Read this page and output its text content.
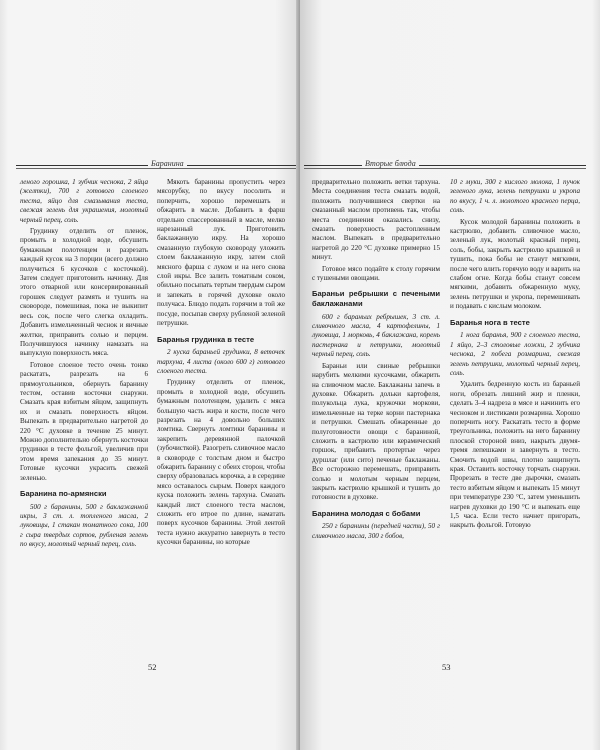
Баранина

леного горошка, 1 зубчик чеснока, 2 яйца (желтки), 700 г готового слоеного теста, яйцо для смазывания теста, свежая зелень для украшения, молотый черный перец, соль.

Грудинку отделить от пленок, промыть в холодной воде, обсушить бумажным полотенцем и разрезать каждый кусок на 3 порции (всего должно получиться 6 кусочков с косточкой). Затем следует приготовить начинку. Для этого отварной или консервированный горошек следует размять и тушить на сковороде, помешивая, пока не выкипит весь сок, после чего слегка охладить. Добавить измельченный чеснок и яичные желтки, приправить солью и перцем. Получившуюся начинку намазать на выпуклую поверхность мяса.

Готовое слоеное тесто очень тонко раскатать, разрезать на 6 прямоугольников, обернуть баранину тестом, оставив косточки снаружи. Смазать края взбитым яйцом, защипнуть их и смазать поверхность яйцом. Выпекать в предварительно нагретой до 220 °С духовке в течение 25 минут. Можно дополнительно обернуть косточки грудинки в тесте фольгой, увеличив при этом время запекания до 35 минут. Готовые кусочки украсить свежей зеленью.

Баранина по-армянски

500 г баранины, 500 г баклажанной икры, 3 ст. л. топленого масла, 2 луковицы, 1 стакан томатного сока, 100 г сыра твердых сортов, рубленая зелень по вкусу, молотый черный перец, соль.

Мякоть баранины пропустить через мясорубку, по вкусу посолить и поперчить, хорошо перемешать и обжарить в масле. Добавить в фарш отдельно спассерованный в масле, мелко нарезанный лук. Приготовить баклажанную икру. На хорошо смазанную глубокую сковороду уложить слоем баклажанную икру, затем слой мясного фарша с луком и на него снова слой икры. Все залить томатным соком, обильно посыпать тертым твердым сыром и запекать в горячей духовке около получаса. Блюдо подать горячим в той же посуде, посыпав сверху рубленой зеленой петрушки.

Баранья грудинка в тесте

2 куска бараньей грудинки, 8 веточек тархуна, 4 листа (около 600 г) готового слоеного теста.

Грудинку отделить от пленок, промыть в холодной воде, обсушить бумажным полотенцем, удалить с мяса большую часть жира и кости, после чего разрезать на 4 довольно больших ломтика. Свернуть ломтики баранины и закрепить деревянной палочкой (зубочисткой). Разогреть сливочное масло в сковороде с толстым дном и быстро обжарить баранину с обеих сторон, чтобы сверху образовалась корочка, а в середине мясо оставалось сырым. Поверх каждого куска положить зелень тархуна. Смазать каждый лист слоеного теста маслом, сложить его втрое по длине, наматать поверх кусочков баранины. Этой лентой теста нужно аккуратно завернуть в тесто кусочки баранины, но которые

52
Вторые блюда

предварительно положить ветки тархуна. Места соединения теста смазать водой, положить получившиеся свертки на смазанный маслом противень так, чтобы места соединения оказались снизу, смазать поверхность растопленным маслом. Выпекать в предварительно нагретой до 220 °С духовке примерно 15 минут.

Готовое мясо подайте к столу горячим с тушеными овощами.

Бараньи ребрышки с печеными баклажанами

600 г бараньих ребрышек, 3 ст. л. сливочного масла, 4 картофелины, 1 луковица, 1 морковь, 4 баклажана, корень пастернака и петрушки, молотый черный перец, соль.

Бараньи или свиные ребрышки нарубить мелкими кусочками, обжарить на сливочном масле. Баклажаны запечь в духовке. Обжарить дольки картофеля, полукольца лука, кружочки моркови, измельченные на терке корни пастернака и петрушки. Смешать обжаренные до полуготовности овощи с бараниной, сложить в кастрюлю или керамический горшок, прибавить протертые через дуршлаг (или сито) печеные баклажаны. Все осторожно перемешать, приправить солью и молотым черным перцем, закрыть кастрюлю крышкой и тушить до готовности в духовке.

Баранина молодая с бобами

250 г баранины (передней части), 50 г сливочного масла, 300 г бобов,

10 г муки, 300 г кислого молока, 1 пучок зеленого лука, зелень петрушки и укропа по вкусу, 1 ч. л. молотого красного перца, соль.

Кусок молодой баранины положить в кастрюлю, добавить сливочное масло, зеленый лук, молотый красный перец, соль, бобы, закрыть кастрюлю крышкой и тушить, пока бобы не станут мягкими, после чего влить горячую воду и варить на слабом огне. Когда бобы станут совсем мягкими, добавить обжаренную муку, зелень петрушки и укропа, перемешивать и подавать с кислым молоком.

Баранья нога в тесте

1 нога баранья, 900 г слоеного теста, 1 яйцо, 2–3 столовые ложки, 2 зубчика чеснока, 2 побега розмарина, свежая зелень петрушки, молотый черный перец, соль.

Удалить бедренную кость из бараньей ноги, обрезать лишний жир и пленки, сделать 3–4 надреза в мясе и начинить его чесноком и листиками розмарина. Хорошо поперчить ногу. Раскатать тесто в форме треугольника, положить на него баранину плоской стороной вниз, накрыть двумя-тремя лепешками и завернуть в тесто. Смочить водой швы, плотно защипнуть края. Оставить косточку торчать снаружи. Прорезать в тесте две дырочки, смазать тесто взбитым яйцом и выпекать 15 минут при температуре 230 °С, затем уменьшить нагрев духовки до 190 °С и выпекать еще 1,5 часа. Если тесто начнет пригорать, накрыть фольгой. Готовую

53
